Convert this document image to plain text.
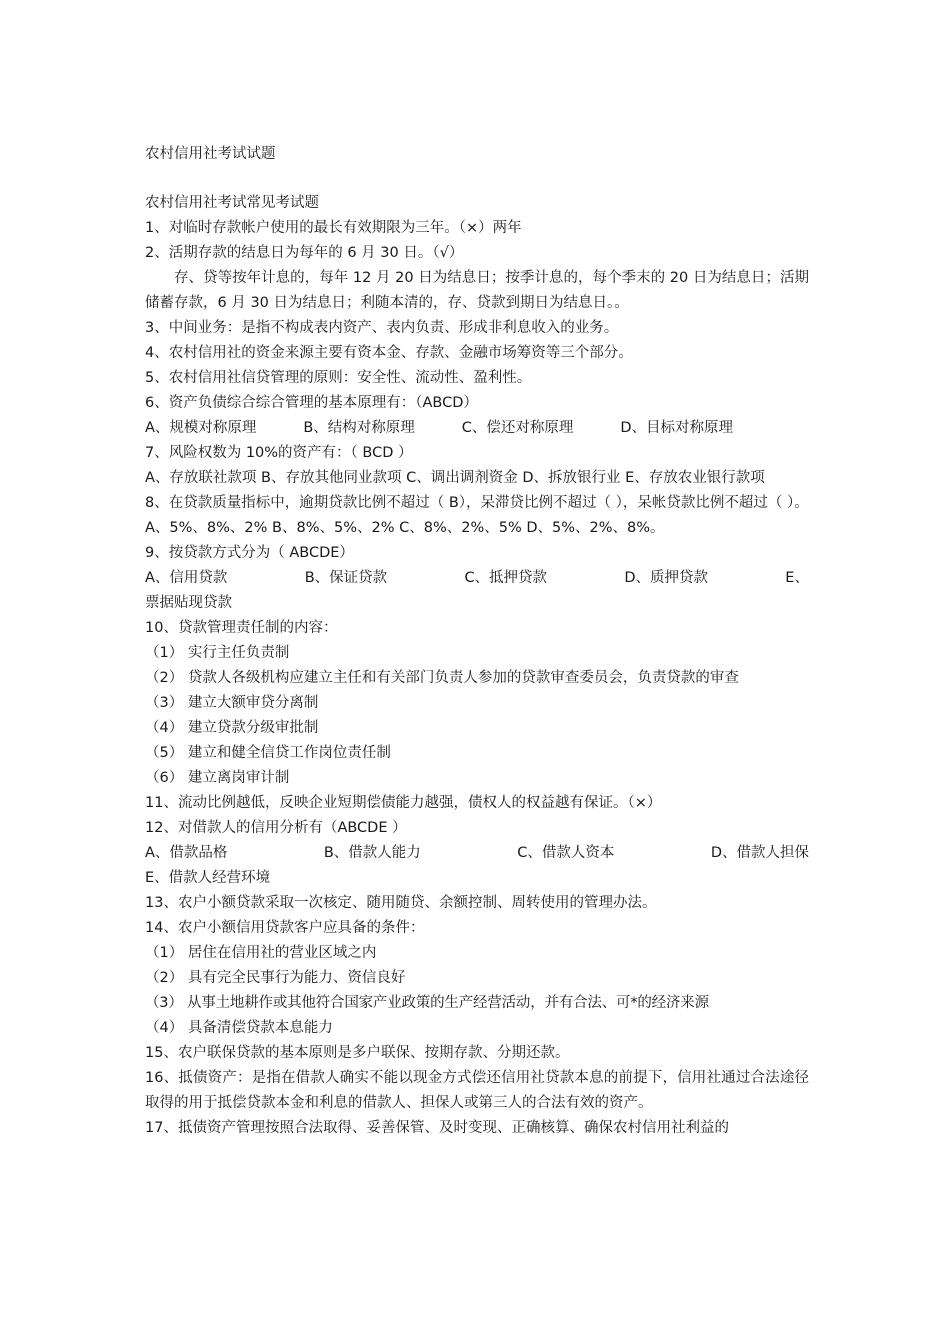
农村信用社考试试题
农村信用社考试常见考试题
1、对临时存款帐户使用的最长有效期限为三年。（×）两年
2、活期存款的结息日为每年的 6 月 30 日。（√）
存、贷等按年计息的，每年 12 月 20 日为结息日；按季计息的，每个季末的 20 日为结息日；活期储蓄存款，6 月 30 日为结息日；利随本清的，存、贷款到期日为结息日。。
3、中间业务：是指不构成表内资产、表内负责、形成非利息收入的业务。
4、农村信用社的资金来源主要有资本金、存款、金融市场筹资等三个部分。
5、农村信用社信贷管理的原则：安全性、流动性、盈利性。
6、资产负债综合综合管理的基本原理有：（ABCD）
A、规模对称原理	B、结构对称原理	C、偿还对称原理	D、目标对称原理
7、风险权数为 10%的资产有：（ BCD ）
A、存放联社款项 B、存放其他同业款项 C、调出调剂资金 D、拆放银行业 E、存放农业银行款项
8、在贷款质量指标中，逾期贷款比例不超过（ B），呆滞贷比例不超过（ ），呆帐贷款比例不超过（ ）。
A、5%、8%、2% B、8%、5%、2% C、8%、2%、5% D、5%、2%、8%。
9、按贷款方式分为（ ABCDE）
A、信用贷款	B、保证贷款	C、抵押贷款	D、质押贷款	E、
票据贴现贷款
10、贷款管理责任制的内容：
（1） 实行主任负责制
（2） 贷款人各级机构应建立主任和有关部门负责人参加的贷款审查委员会，负责贷款的审查
（3） 建立大额审贷分离制
（4） 建立贷款分级审批制
（5） 建立和健全信贷工作岗位责任制
（6） 建立离岗审计制
11、流动比例越低，反映企业短期偿债能力越强，债权人的权益越有保证。（×）
12、对借款人的信用分析有（ABCDE ）
A、借款品格	B、借款人能力	C、借款人资本	D、借款人担保
E、借款人经营环境
13、农户小额贷款采取一次核定、随用随贷、余额控制、周转使用的管理办法。
14、农户小额信用贷款客户应具备的条件：
（1） 居住在信用社的营业区域之内
（2） 具有完全民事行为能力、资信良好
（3） 从事土地耕作或其他符合国家产业政策的生产经营活动，并有合法、可*的经济来源
（4） 具备清偿贷款本息能力
15、农户联保贷款的基本原则是多户联保、按期存款、分期还款。
16、抵债资产：是指在借款人确实不能以现金方式偿还信用社贷款本息的前提下，信用社通过合法途径取得的用于抵偿贷款本金和利息的借款人、担保人或第三人的合法有效的资产。
17、抵债资产管理按照合法取得、妥善保管、及时变现、正确核算、确保农村信用社利益的
